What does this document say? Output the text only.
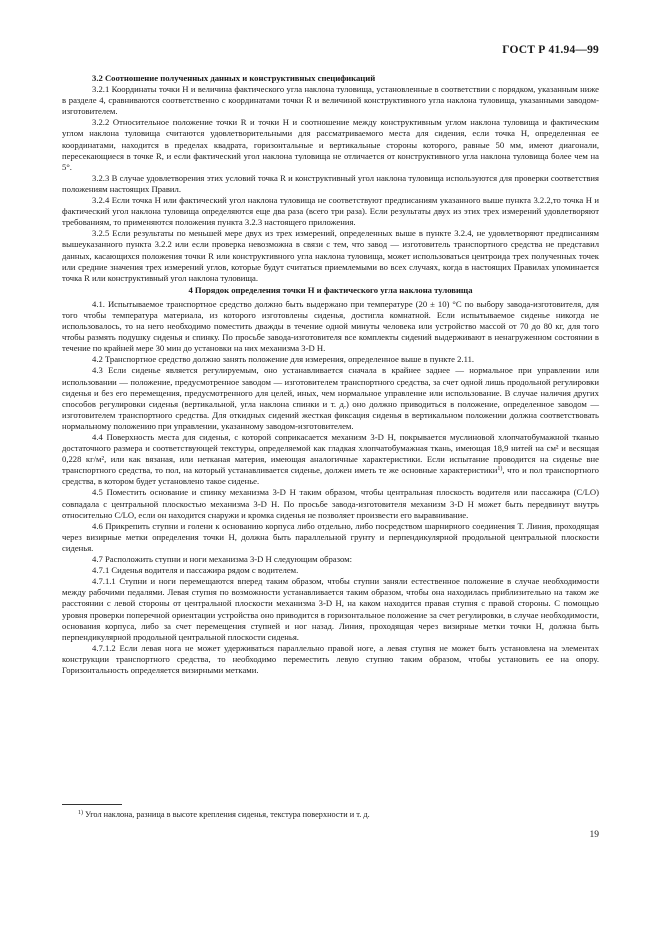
ГОСТ Р 41.94—99
3.2 Соотношение полученных данных и конструктивных спецификаций

3.2.1 Координаты точки H и величина фактического угла наклона туловища, установленные в соответствии с порядком, указанным ниже в разделе 4, сравниваются соответственно с координатами точки R и величиной конструктивного угла наклона туловища, указанными заводом-изготовителем.

3.2.2 Относительное положение точки R и точки H и соотношение между конструктивным углом наклона туловища и фактическим углом наклона туловища считаются удовлетворительными для рассматриваемого места для сидения, если точка H, определенная ее координатами, находится в пределах квадрата, горизонтальные и вертикальные стороны которого, равные 50 мм, имеют диагонали, пересекающиеся в точке R, и если фактический угол наклона туловища не отличается от конструктивного угла наклона туловища более чем на 5°.

3.2.3 В случае удовлетворения этих условий точка R и конструктивный угол наклона туловища используются для проверки соответствия положениям настоящих Правил.

3.2.4 Если точка H или фактический угол наклона туловища не соответствуют предписаниям указанного выше пункта 3.2.2,то точка H и фактический угол наклона туловища определяются еще два раза (всего три раза). Если результаты двух из этих трех измерений удовлетворяют требованиям, то применяются положения пункта 3.2.3 настоящего приложения.

3.2.5 Если результаты по меньшей мере двух из трех измерений, определенных выше в пункте 3.2.4, не удовлетворяют предписаниям вышеуказанного пункта 3.2.2 или если проверка невозможна в связи с тем, что завод — изготовитель транспортного средства не представил данных, касающихся положения точки R или конструктивного угла наклона туловища, может использоваться центроида трех полученных точек или средние значения трех измерений углов, которые будут считаться приемлемыми во всех случаях, когда в настоящих Правилах упоминается точка R или конструктивный угол наклона туловища.

4 Порядок определения точки H и фактического угла наклона туловища

4.1. Испытываемое транспортное средство должно быть выдержано при температуре (20 ± 10) °С по выбору завода-изготовителя, для того чтобы температура материала, из которого изготовлены сиденья, достигла комнатной. Если испытываемое сиденье никогда не использовалось, то на него необходимо поместить дважды в течение одной минуты человека или устройство массой от 70 до 80 кг, для того чтобы размять подушку сиденья и спинку. По просьбе завода-изготовителя все комплекты сидений выдерживают в ненагруженном состоянии в течение по крайней мере 30 мин до установки на них механизма 3-D H.

4.2 Транспортное средство должно занять положение для измерения, определенное выше в пункте 2.11.

4.3 Если сиденье является регулируемым, оно устанавливается сначала в крайнее заднее — нормальное при управлении или использовании — положение, предусмотренное заводом — изготовителем транспортного средства, за счет одной лишь продольной регулировки сиденья и без его перемещения, предусмотренного для целей, иных, чем нормальное управление или использование. В случае наличия других способов регулировки сиденья (вертикальной, угла наклона спинки и т. д.) оно должно приводиться в положение, определенное заводом — изготовителем транспортного средства. Для откидных сидений жесткая фиксация сиденья в вертикальном положении должна соответствовать нормальному положению при управлении, указанному заводом-изготовителем.

4.4 Поверхность места для сиденья, с которой соприкасается механизм 3-D H, покрывается муслиновой хлопчатобумажной тканью достаточного размера и соответствующей текстуры, определяемой как гладкая хлопчатобумажная ткань, имеющая 18,9 нитей на см² и весящая 0,228 кг/м², или как вязаная, или нетканая материя, имеющая аналогичные характеристики. Если испытание проводится на сиденье вне транспортного средства, то пол, на который устанавливается сиденье, должен иметь те же основные характеристики$^{1)}$, что и пол транспортного средства, в котором будет установлено такое сиденье.

4.5 Поместить основание и спинку механизма 3-D H таким образом, чтобы центральная плоскость водителя или пассажира (C/LO) совпадала с центральной плоскостью механизма 3-D H. По просьбе завода-изготовителя механизм 3-D H может быть передвинут внутрь относительно C/LO, если он находится снаружи и кромка сиденья не позволяет произвести его выравнивание.

4.6 Прикрепить ступни и голени к основанию корпуса либо отдельно, либо посредством шарнирного соединения Т. Линия, проходящая через визирные метки определения точки H, должна быть параллельной грунту и перпендикулярной продольной центральной плоскости сиденья.

4.7 Расположить ступни и ноги механизма 3-D H следующим образом:

4.7.1 Сиденья водителя и пассажира рядом с водителем.

4.7.1.1 Ступни и ноги перемещаются вперед таким образом, чтобы ступни заняли естественное положение в случае необходимости между рабочими педалями. Левая ступня по возможности устанавливается таким образом, чтобы она находилась приблизительно на таком же расстоянии с левой стороны от центральной плоскости механизма 3-D H, на каком находится правая ступня с правой стороны. С помощью уровня проверки поперечной ориентации устройства оно приводится в горизонтальное положение за счет регулировки, в случае необходимости, основания корпуса, либо за счет перемещения ступней и ног назад. Линия, проходящая через визирные метки точки H, должна быть перпендикулярной продольной центральной плоскости сиденья.

4.7.1.2 Если левая нога не может удерживаться параллельно правой ноге, а левая ступня не может быть установлена на элементах конструкции транспортного средства, то необходимо переместить левую ступню таким образом, чтобы установить ее на опору. Горизонтальность определяется визирными метками.

$^{1)}$ Угол наклона, разница в высоте крепления сиденья, текстура поверхности и т. д.
19
